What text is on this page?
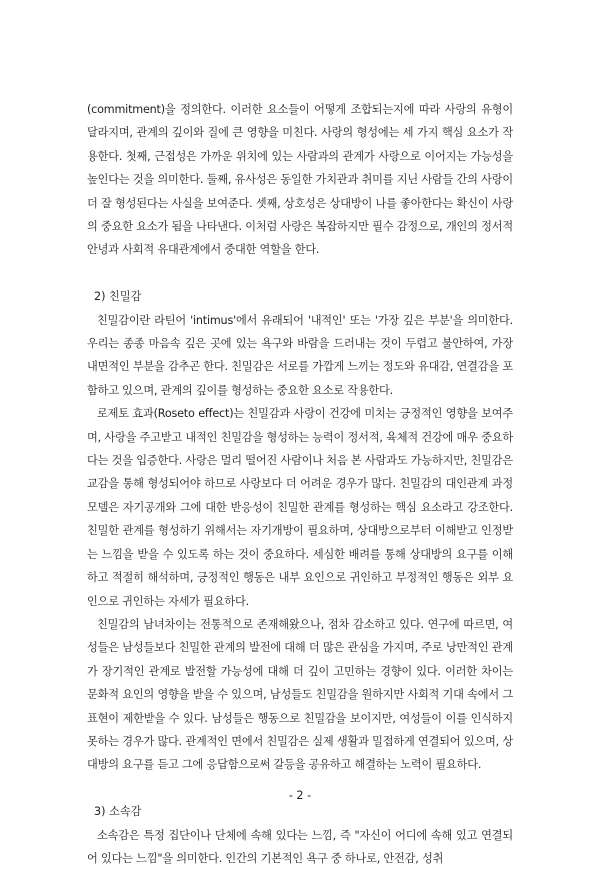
(commitment)을 정의한다. 이러한 요소들이 어떻게 조합되는지에 따라 사랑의 유형이 달라지며, 관계의 깊이와 질에 큰 영향을 미친다. 사랑의 형성에는 세 가지 핵심 요소가 작용한다. 첫째, 근접성은 가까운 위치에 있는 사람과의 관계가 사랑으로 이어지는 가능성을 높인다는 것을 의미한다. 둘째, 유사성은 동일한 가치관과 취미를 지닌 사람들 간의 사랑이 더 잘 형성된다는 사실을 보여준다. 셋째, 상호성은 상대방이 나를 좋아한다는 확신이 사랑의 중요한 요소가 됨을 나타낸다. 이처럼 사랑은 복잡하지만 필수 감정으로, 개인의 정서적 안녕과 사회적 유대관계에서 중대한 역할을 한다.

2) 친밀감

친밀감이란 라틴어 'intimus'에서 유래되어 '내적인' 또는 '가장 깊은 부분'을 의미한다. 우리는 종종 마음속 깊은 곳에 있는 욕구와 바람을 드러내는 것이 두렵고 불안하여, 가장 내면적인 부분을 감추곤 한다. 친밀감은 서로를 가깝게 느끼는 정도와 유대감, 연결감을 포함하고 있으며, 관계의 깊이를 형성하는 중요한 요소로 작용한다.

로제토 효과(Roseto effect)는 친밀감과 사랑이 건강에 미치는 긍정적인 영향을 보여주며, 사랑을 주고받고 내적인 친밀감을 형성하는 능력이 정서적, 육체적 건강에 매우 중요하다는 것을 입증한다. 사랑은 멀리 떨어진 사람이나 처음 본 사람과도 가능하지만, 친밀감은 교감을 통해 형성되어야 하므로 사랑보다 더 어려운 경우가 많다. 친밀감의 대인관계 과정 모델은 자기공개와 그에 대한 반응성이 친밀한 관계를 형성하는 핵심 요소라고 강조한다. 친밀한 관계를 형성하기 위해서는 자기개방이 필요하며, 상대방으로부터 이해받고 인정받는 느낌을 받을 수 있도록 하는 것이 중요하다. 세심한 배려를 통해 상대방의 요구를 이해하고 적절히 해석하며, 긍정적인 행동은 내부 요인으로 귀인하고 부정적인 행동은 외부 요인으로 귀인하는 자세가 필요하다.

친밀감의 남녀차이는 전통적으로 존재해왔으나, 점차 감소하고 있다. 연구에 따르면, 여성들은 남성들보다 친밀한 관계의 발전에 대해 더 많은 관심을 가지며, 주로 낭만적인 관계가 장기적인 관계로 발전할 가능성에 대해 더 깊이 고민하는 경향이 있다. 이러한 차이는 문화적 요인의 영향을 받을 수 있으며, 남성들도 친밀감을 원하지만 사회적 기대 속에서 그 표현이 제한받을 수 있다. 남성들은 행동으로 친밀감을 보이지만, 여성들이 이를 인식하지 못하는 경우가 많다. 관계적인 면에서 친밀감은 실제 생활과 밀접하게 연결되어 있으며, 상대방의 요구를 듣고 그에 응답함으로써 갈등을 공유하고 해결하는 노력이 필요하다.

3) 소속감

소속감은 특정 집단이나 단체에 속해 있다는 느낌, 즉 "자신이 어디에 속해 있고 연결되어 있다는 느낌"을 의미한다. 인간의 기본적인 욕구 중 하나로, 안전감, 성취

- 2 -
